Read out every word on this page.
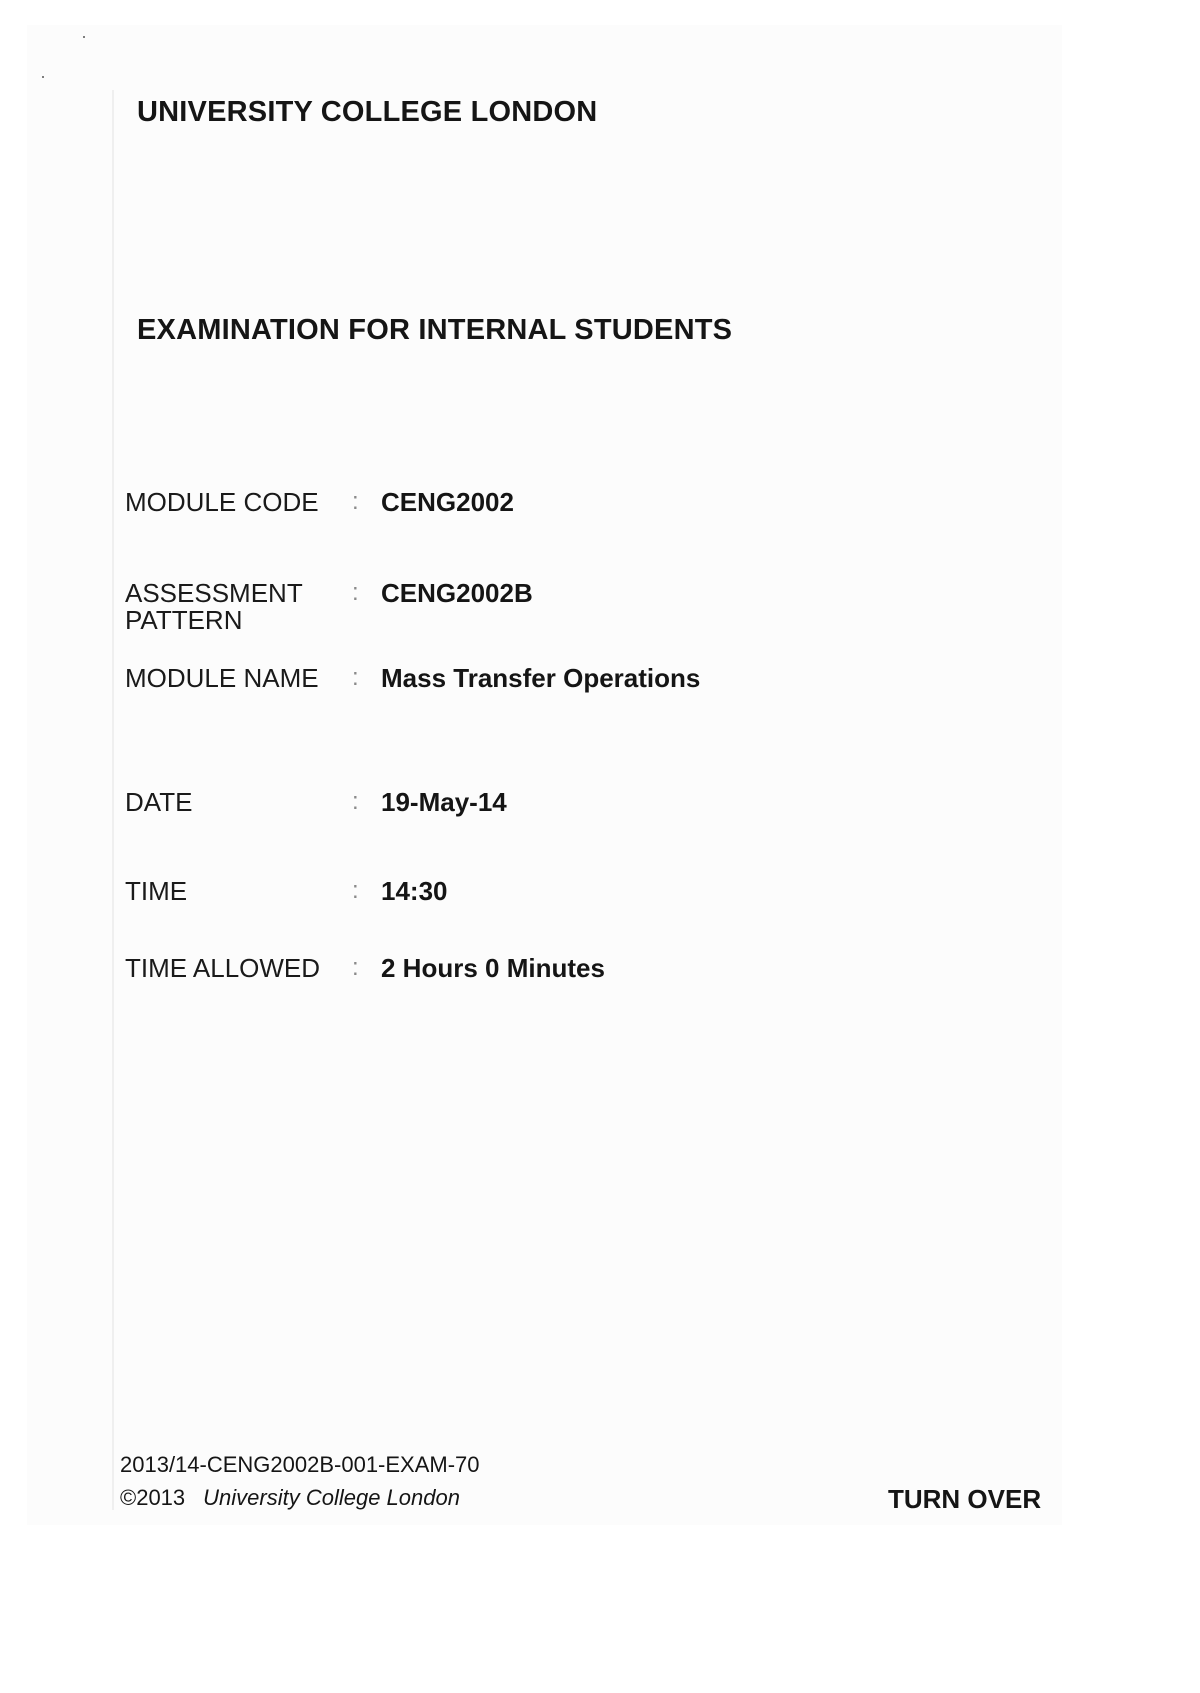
UNIVERSITY COLLEGE LONDON
EXAMINATION FOR INTERNAL STUDENTS
MODULE CODE : CENG2002
ASSESSMENT
PATTERN
: CENG2002B
MODULE NAME : Mass Transfer Operations
DATE	: 19-May-14
TIME	: 14:30
TIME ALLOWED : 2 Hours 0 Minutes
2013/14-CENG2002B-001-EXAM-70
©2013 University College London	TURN OVER
